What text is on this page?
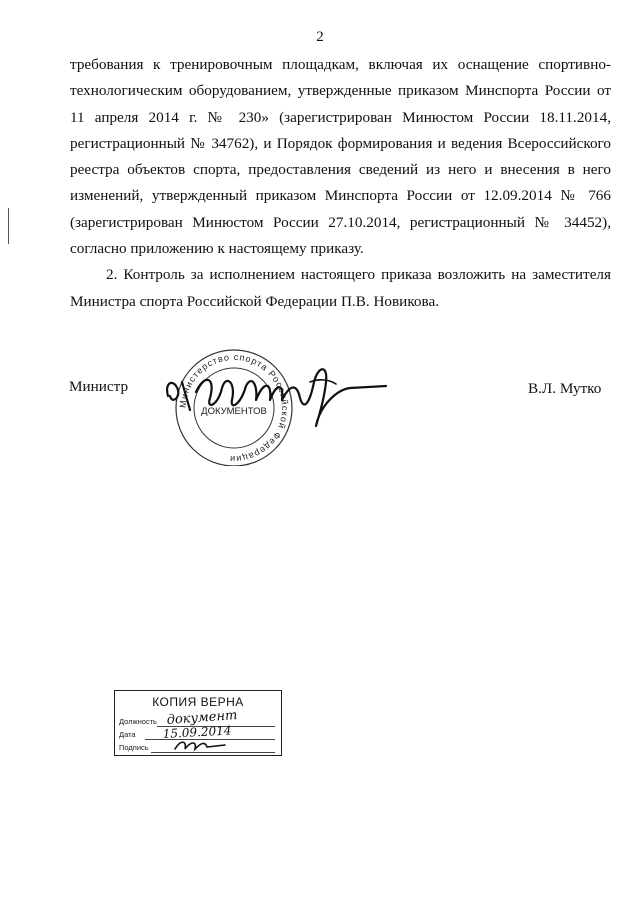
2

требования к тренировочным площадкам, включая их оснащение спортивно-технологическим оборудованием, утвержденные приказом Минспорта России от 11 апреля 2014 г. № 230» (зарегистрирован Минюстом России 18.11.2014, регистрационный № 34762), и Порядок формирования и ведения Всероссийского реестра объектов спорта, предоставления сведений из него и внесения в него изменений, утвержденный приказом Минспорта России от 12.09.2014 № 766 (зарегистрирован Минюстом России 27.10.2014, регистрационный № 34452), согласно приложению к настоящему приказу.

2. Контроль за исполнением настоящего приказа возложить на заместителя Министра спорта Российской Федерации П.В. Новикова.

Министр
Министерство спорта Российской Федерации
ДОКУМЕНТОВ
В.Л. Мутко
КОПИЯ ВЕРНА
Должность
Дата
Подпись
документ
15.09.2014
